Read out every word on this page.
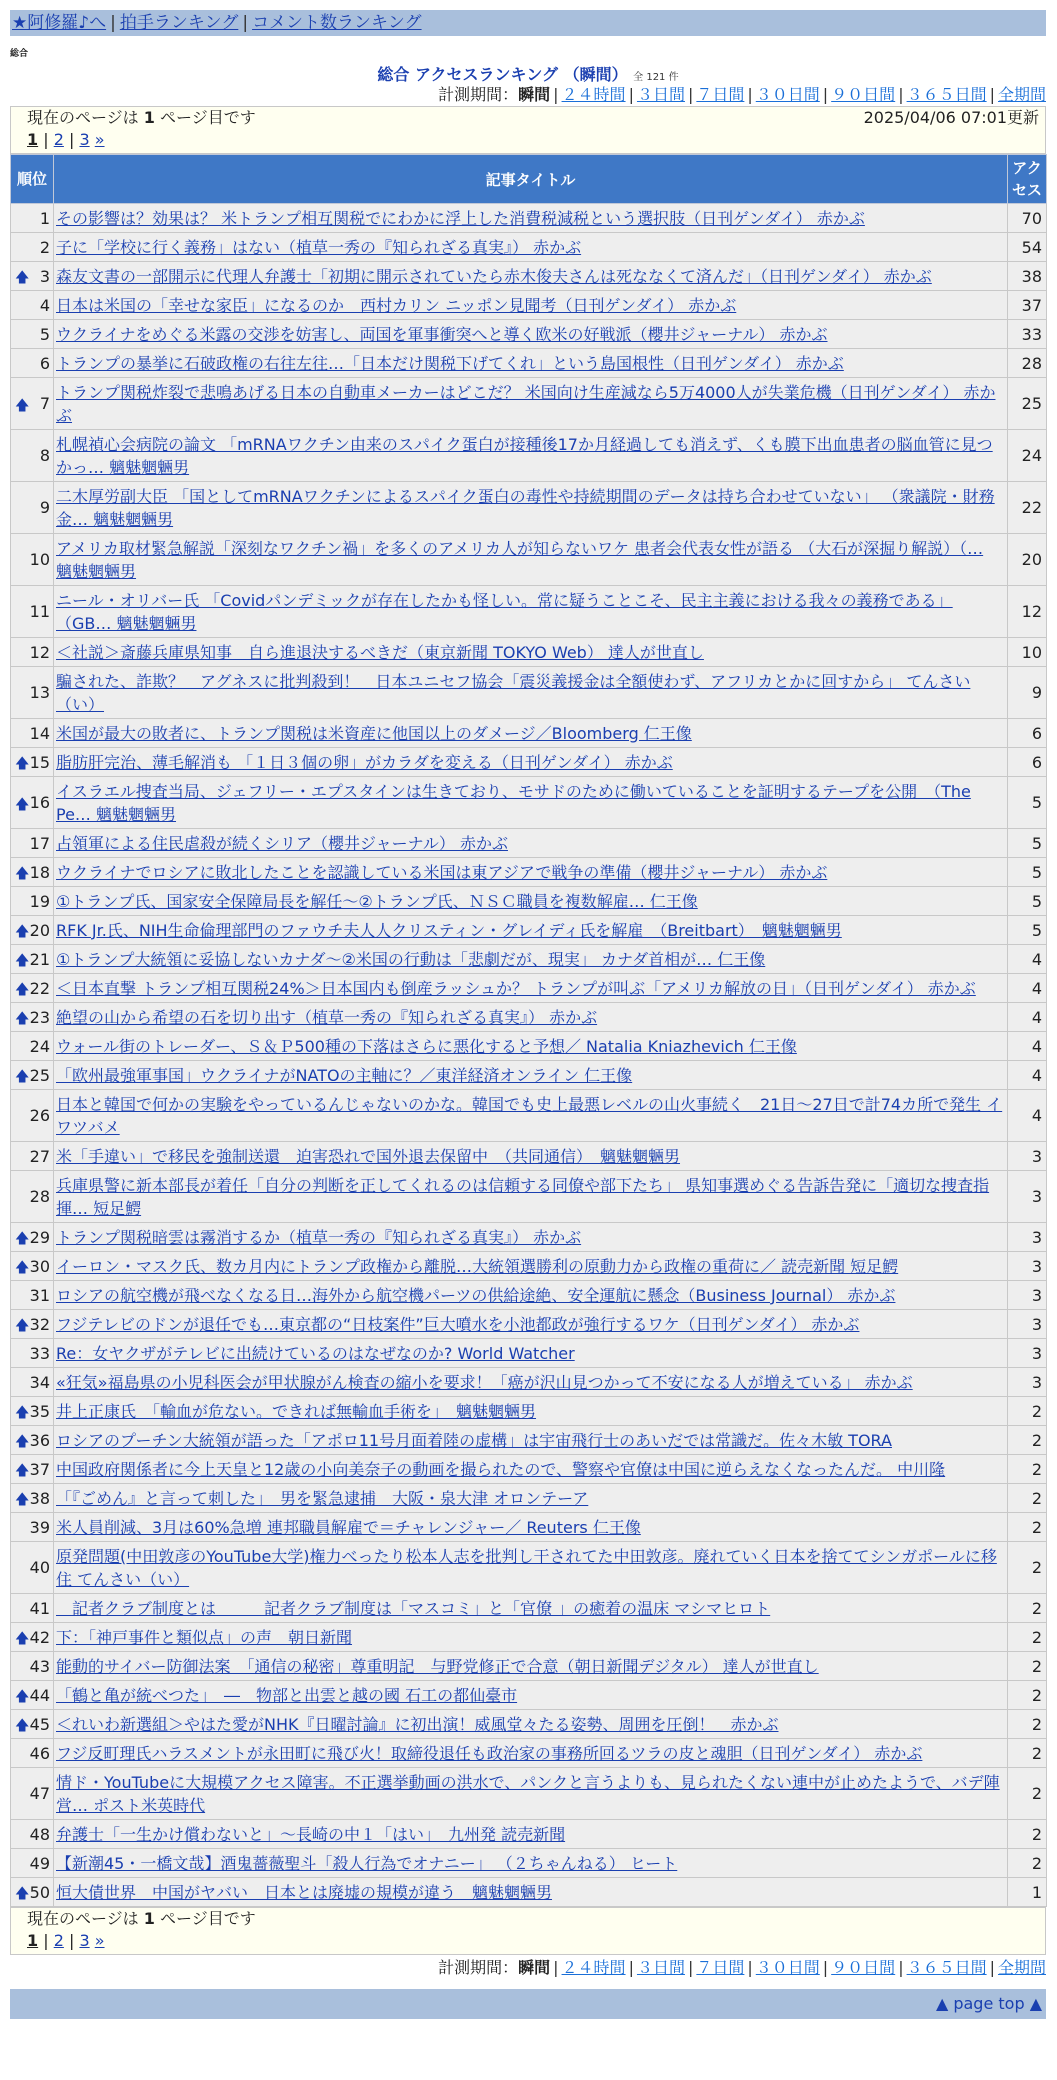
★阿修羅♪へ | 拍手ランキング | コメント数ランキング
総合
総合 アクセスランキング （瞬間） 全 121 件
計測期間：瞬間 | ２４時間 | ３日間 | ７日間 | ３０日間 | ９０日間 | ３６５日間 | 全期間
現在のページは 1 ページ目です	2025/04/06 07:01更新
1 | 2 | 3 »
順位	記事タイトル	アクセス
1	その影響は？効果は？ 米トランプ相互関税でにわかに浮上した消費税減税という選択肢（日刊ゲンダイ） 赤かぶ	70
2	子に「学校に行く義務」はない（植草一秀の『知られざる真実』） 赤かぶ	54

🡅 3	森友文書の一部開示に代理人弁護士「初期に開示されていたら赤木俊夫さんは死ななくて済んだ」（日刊ゲンダイ） 赤かぶ	38
4	日本は米国の「幸せな家臣」になるのか　西村カリン ニッポン見聞考（日刊ゲンダイ） 赤かぶ	37
5	ウクライナをめぐる米露の交渉を妨害し、両国を軍事衝突へと導く欧米の好戦派（櫻井ジャーナル） 赤かぶ	33
6	トランプの暴挙に石破政権の右往左往…「日本だけ関税下げてくれ」という島国根性（日刊ゲンダイ） 赤かぶ	28

🡅 7	トランプ関税炸裂で悲鳴あげる日本の自動車メーカーはどこだ？ 米国向け生産減なら5万4000人が失業危機（日刊ゲンダイ） 赤かぶ	25
8	札幌禎心会病院の論文 「mRNAワクチン由来のスパイク蛋白が接種後17か月経過しても消えず、くも膜下出血患者の脳血管に見つかっ… 魑魅魍魎男	24
9	二木厚労副大臣 「国としてmRNAワクチンによるスパイク蛋白の毒性や持続期間のデータは持ち合わせていない」 （衆議院・財務金… 魑魅魍魎男	22
10	アメリカ取材緊急解説「深刻なワクチン禍」を多くのアメリカ人が知らないワケ 患者会代表女性が語る （大石が深掘り解説）（… 魑魅魍魎男	20
11	ニール・オリバー氏 「Covidパンデミックが存在したかも怪しい。常に疑うことこそ、民主主義における我々の義務である」 （GB… 魑魅魍魎男	12
12	＜社説＞斎藤兵庫県知事　自ら進退決するべきだ（東京新聞 TOKYO Web） 達人が世直し	10
13	騙された、詐欺？　アグネスに批判殺到！　日本ユニセフ協会「震災義援金は全額使わず、アフリカとかに回すから」 てんさい（い）	9
14	米国が最大の敗者に、トランプ関税は米資産に他国以上のダメージ／Bloomberg 仁王像	6

🡅 15	脂肪肝完治、薄毛解消も 「１日３個の卵」がカラダを変える（日刊ゲンダイ） 赤かぶ	6

🡅 16	イスラエル捜査当局、ジェフリー・エプスタインは生きており、モサドのために働いていることを証明するテープを公開　（The Pe… 魑魅魍魎男	5
17	占領軍による住民虐殺が続くシリア（櫻井ジャーナル） 赤かぶ	5

🡅 18	ウクライナでロシアに敗北したことを認識している米国は東アジアで戦争の準備（櫻井ジャーナル） 赤かぶ	5
19	①トランプ氏、国家安全保障局長を解任〜②トランプ氏、ＮＳＣ職員を複数解雇… 仁王像	5

🡅 20	RFK Jr.氏、NIH生命倫理部門のファウチ夫人人クリスティン・グレイディ氏を解雇　（Breitbart）　魑魅魍魎男	5

🡅 21	①トランプ大統領に妥協しないカナダ〜②米国の行動は「悲劇だが、現実」 カナダ首相が… 仁王像	4

🡅 22	＜日本直撃 トランプ相互関税24%＞日本国内も倒産ラッシュか？ トランプが叫ぶ「アメリカ解放の日」（日刊ゲンダイ） 赤かぶ	4

🡅 23	絶望の山から希望の石を切り出す（植草一秀の『知られざる真実』） 赤かぶ	4
24	ウォール街のトレーダー、Ｓ＆Ｐ500種の下落はさらに悪化すると予想／ Natalia Kniazhevich 仁王像	4

🡅 25	「欧州最強軍事国」ウクライナがNATOの主軸に？／東洋経済オンライン 仁王像	4
26	日本と韓国で何かの実験をやっているんじゃないのかな。韓国でも史上最悪レベルの山火事続く　21日〜27日で計74カ所で発生 イワツバメ	4
27	米「手違い」で移民を強制送還　迫害恐れで国外退去保留中　（共同通信）　魑魅魍魎男	3
28	兵庫県警に新本部長が着任「自分の判断を正してくれるのは信頼する同僚や部下たち」 県知事選めぐる告訴告発に「適切な捜査指揮… 短足鰐	3

🡅 29	トランプ関税暗雲は霧消するか（植草一秀の『知られざる真実』） 赤かぶ	3

🡅 30	イーロン・マスク氏、数カ月内にトランプ政権から離脱…大統領選勝利の原動力から政権の重荷に／ 読売新聞 短足鰐	3
31	ロシアの航空機が飛べなくなる日…海外から航空機パーツの供給途絶、安全運航に懸念（Business Journal） 赤かぶ	3

🡅 32	フジテレビのドンが退任でも…東京都の“日枝案件”巨大噴水を小池都政が強行するワケ（日刊ゲンダイ） 赤かぶ	3
33	Re：女ヤクザがテレビに出続けているのはなぜなのか? World Watcher	3
34	«狂気»福島県の小児科医会が甲状腺がん検査の縮小を要求！「癌が沢山見つかって不安になる人が増えている」 赤かぶ	3

🡅 35	井上正康氏　「輸血が危ない。できれば無輸血手術を」　魑魅魍魎男	2

🡅 36	ロシアのプーチン大統領が語った「アポロ11号月面着陸の虚構」は宇宙飛行士のあいだでは常識だ。佐々木敏 TORA	2

🡅 37	中国政府関係者に今上天皇と12歳の小向美奈子の動画を撮られたので、警察や官僚は中国に逆らえなくなったんだ。 中川隆	2

🡅 38	「『ごめん』と言って刺した」　男を緊急逮捕　大阪・泉大津 オロンテーア	2
39	米人員削減、3月は60%急増 連邦職員解雇で＝チャレンジャー／ Reuters 仁王像	2
40	原発問題(中田敦彦のYouTube大学)権力べったり松本人志を批判し干されてた中田敦彦。廃れていく日本を捨ててシンガポールに移住 てんさい（い）	2
41	　記者クラブ制度とは　　　記者クラブ制度は「マスコミ」と「官僚 」の癒着の温床 マシマヒロト	2

🡅 42	下：「神戸事件と類似点」の声　朝日新聞	2
43	能動的サイバー防御法案　「通信の秘密」尊重明記　与野党修正で合意（朝日新聞デジタル） 達人が世直し	2

🡅 44	「鶴と亀が統べつた」　―　物部と出雲と越の國 石工の都仙臺市	2

🡅 45	＜れいわ新選組＞やはた愛がNHK『日曜討論』に初出演！威風堂々たる姿勢、周囲を圧倒！　赤かぶ	2
46	フジ反町理氏ハラスメントが永田町に飛び火！取締役退任も政治家の事務所回るツラの皮と魂胆（日刊ゲンダイ） 赤かぶ	2
47	情ド・YouTubeに大規模アクセス障害。不正選挙動画の洪水で、パンクと言うよりも、見られたくない連中が止めたようで、バデ陣営… ポスト米英時代	2
48	弁護士「一生かけ償わないと」〜長崎の中１「はい」　九州発 読売新聞	2
49	【新潮45・一橋文哉】酒鬼薔薇聖斗「殺人行為でオナニー」 （２ちゃんねる） ヒート	2

🡅 50	恒大債世界　中国がヤバい　日本とは廃墟の規模が違う　魑魅魍魎男	1
現在のページは 1 ページ目です
1 | 2 | 3 »
計測期間：瞬間 | ２４時間 | ３日間 | ７日間 | ３０日間 | ９０日間 | ３６５日間 | 全期間
▲ page top ▲
